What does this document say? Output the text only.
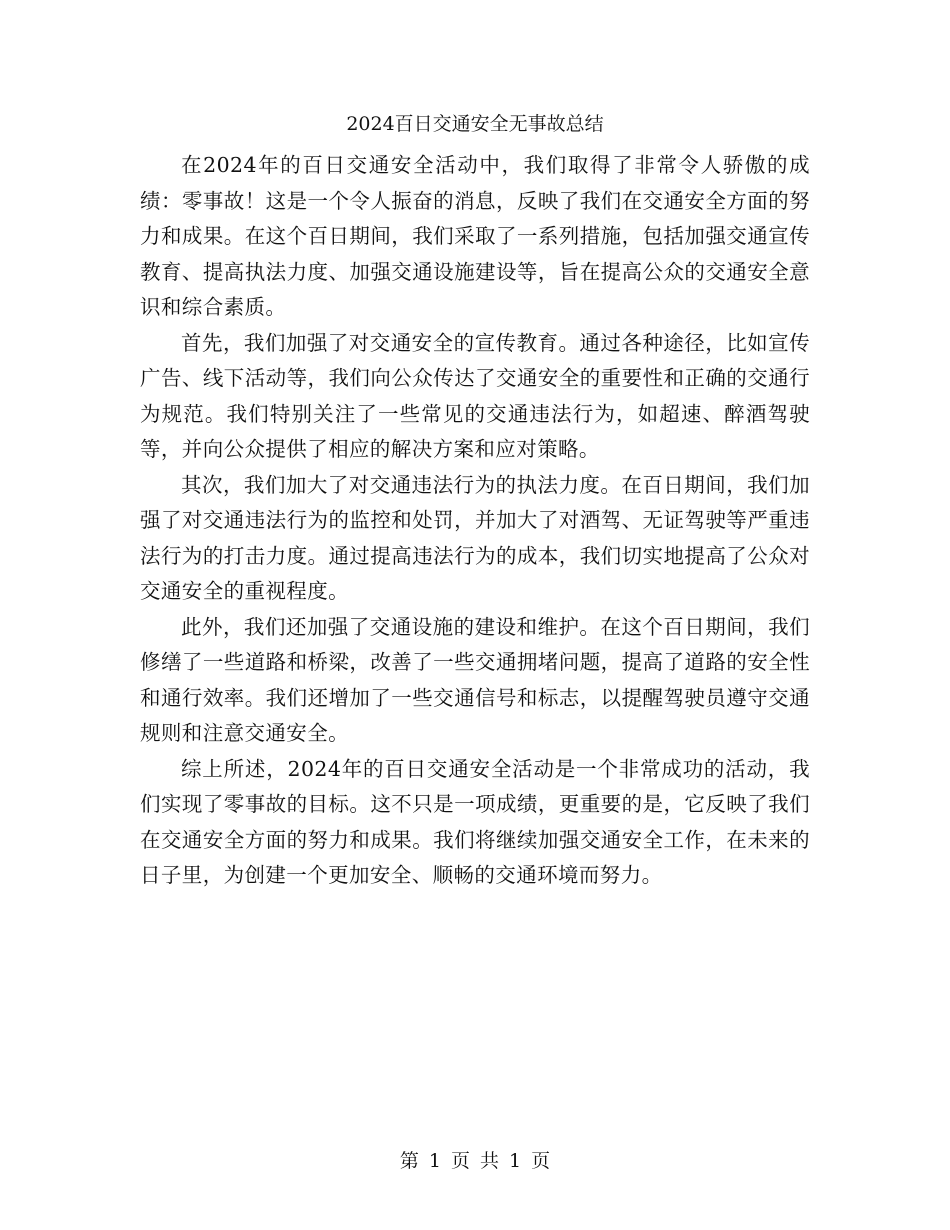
2024百日交通安全无事故总结

在2024年的百日交通安全活动中，我们取得了非常令人骄傲的成绩：零事故！这是一个令人振奋的消息，反映了我们在交通安全方面的努力和成果。在这个百日期间，我们采取了一系列措施，包括加强交通宣传教育、提高执法力度、加强交通设施建设等，旨在提高公众的交通安全意识和综合素质。

首先，我们加强了对交通安全的宣传教育。通过各种途径，比如宣传广告、线下活动等，我们向公众传达了交通安全的重要性和正确的交通行为规范。我们特别关注了一些常见的交通违法行为，如超速、醉酒驾驶等，并向公众提供了相应的解决方案和应对策略。

其次，我们加大了对交通违法行为的执法力度。在百日期间，我们加强了对交通违法行为的监控和处罚，并加大了对酒驾、无证驾驶等严重违法行为的打击力度。通过提高违法行为的成本，我们切实地提高了公众对交通安全的重视程度。

此外，我们还加强了交通设施的建设和维护。在这个百日期间，我们修缮了一些道路和桥梁，改善了一些交通拥堵问题，提高了道路的安全性和通行效率。我们还增加了一些交通信号和标志，以提醒驾驶员遵守交通规则和注意交通安全。

综上所述，2024年的百日交通安全活动是一个非常成功的活动，我们实现了零事故的目标。这不只是一项成绩，更重要的是，它反映了我们在交通安全方面的努力和成果。我们将继续加强交通安全工作，在未来的日子里，为创建一个更加安全、顺畅的交通环境而努力。

第 1 页 共 1 页
